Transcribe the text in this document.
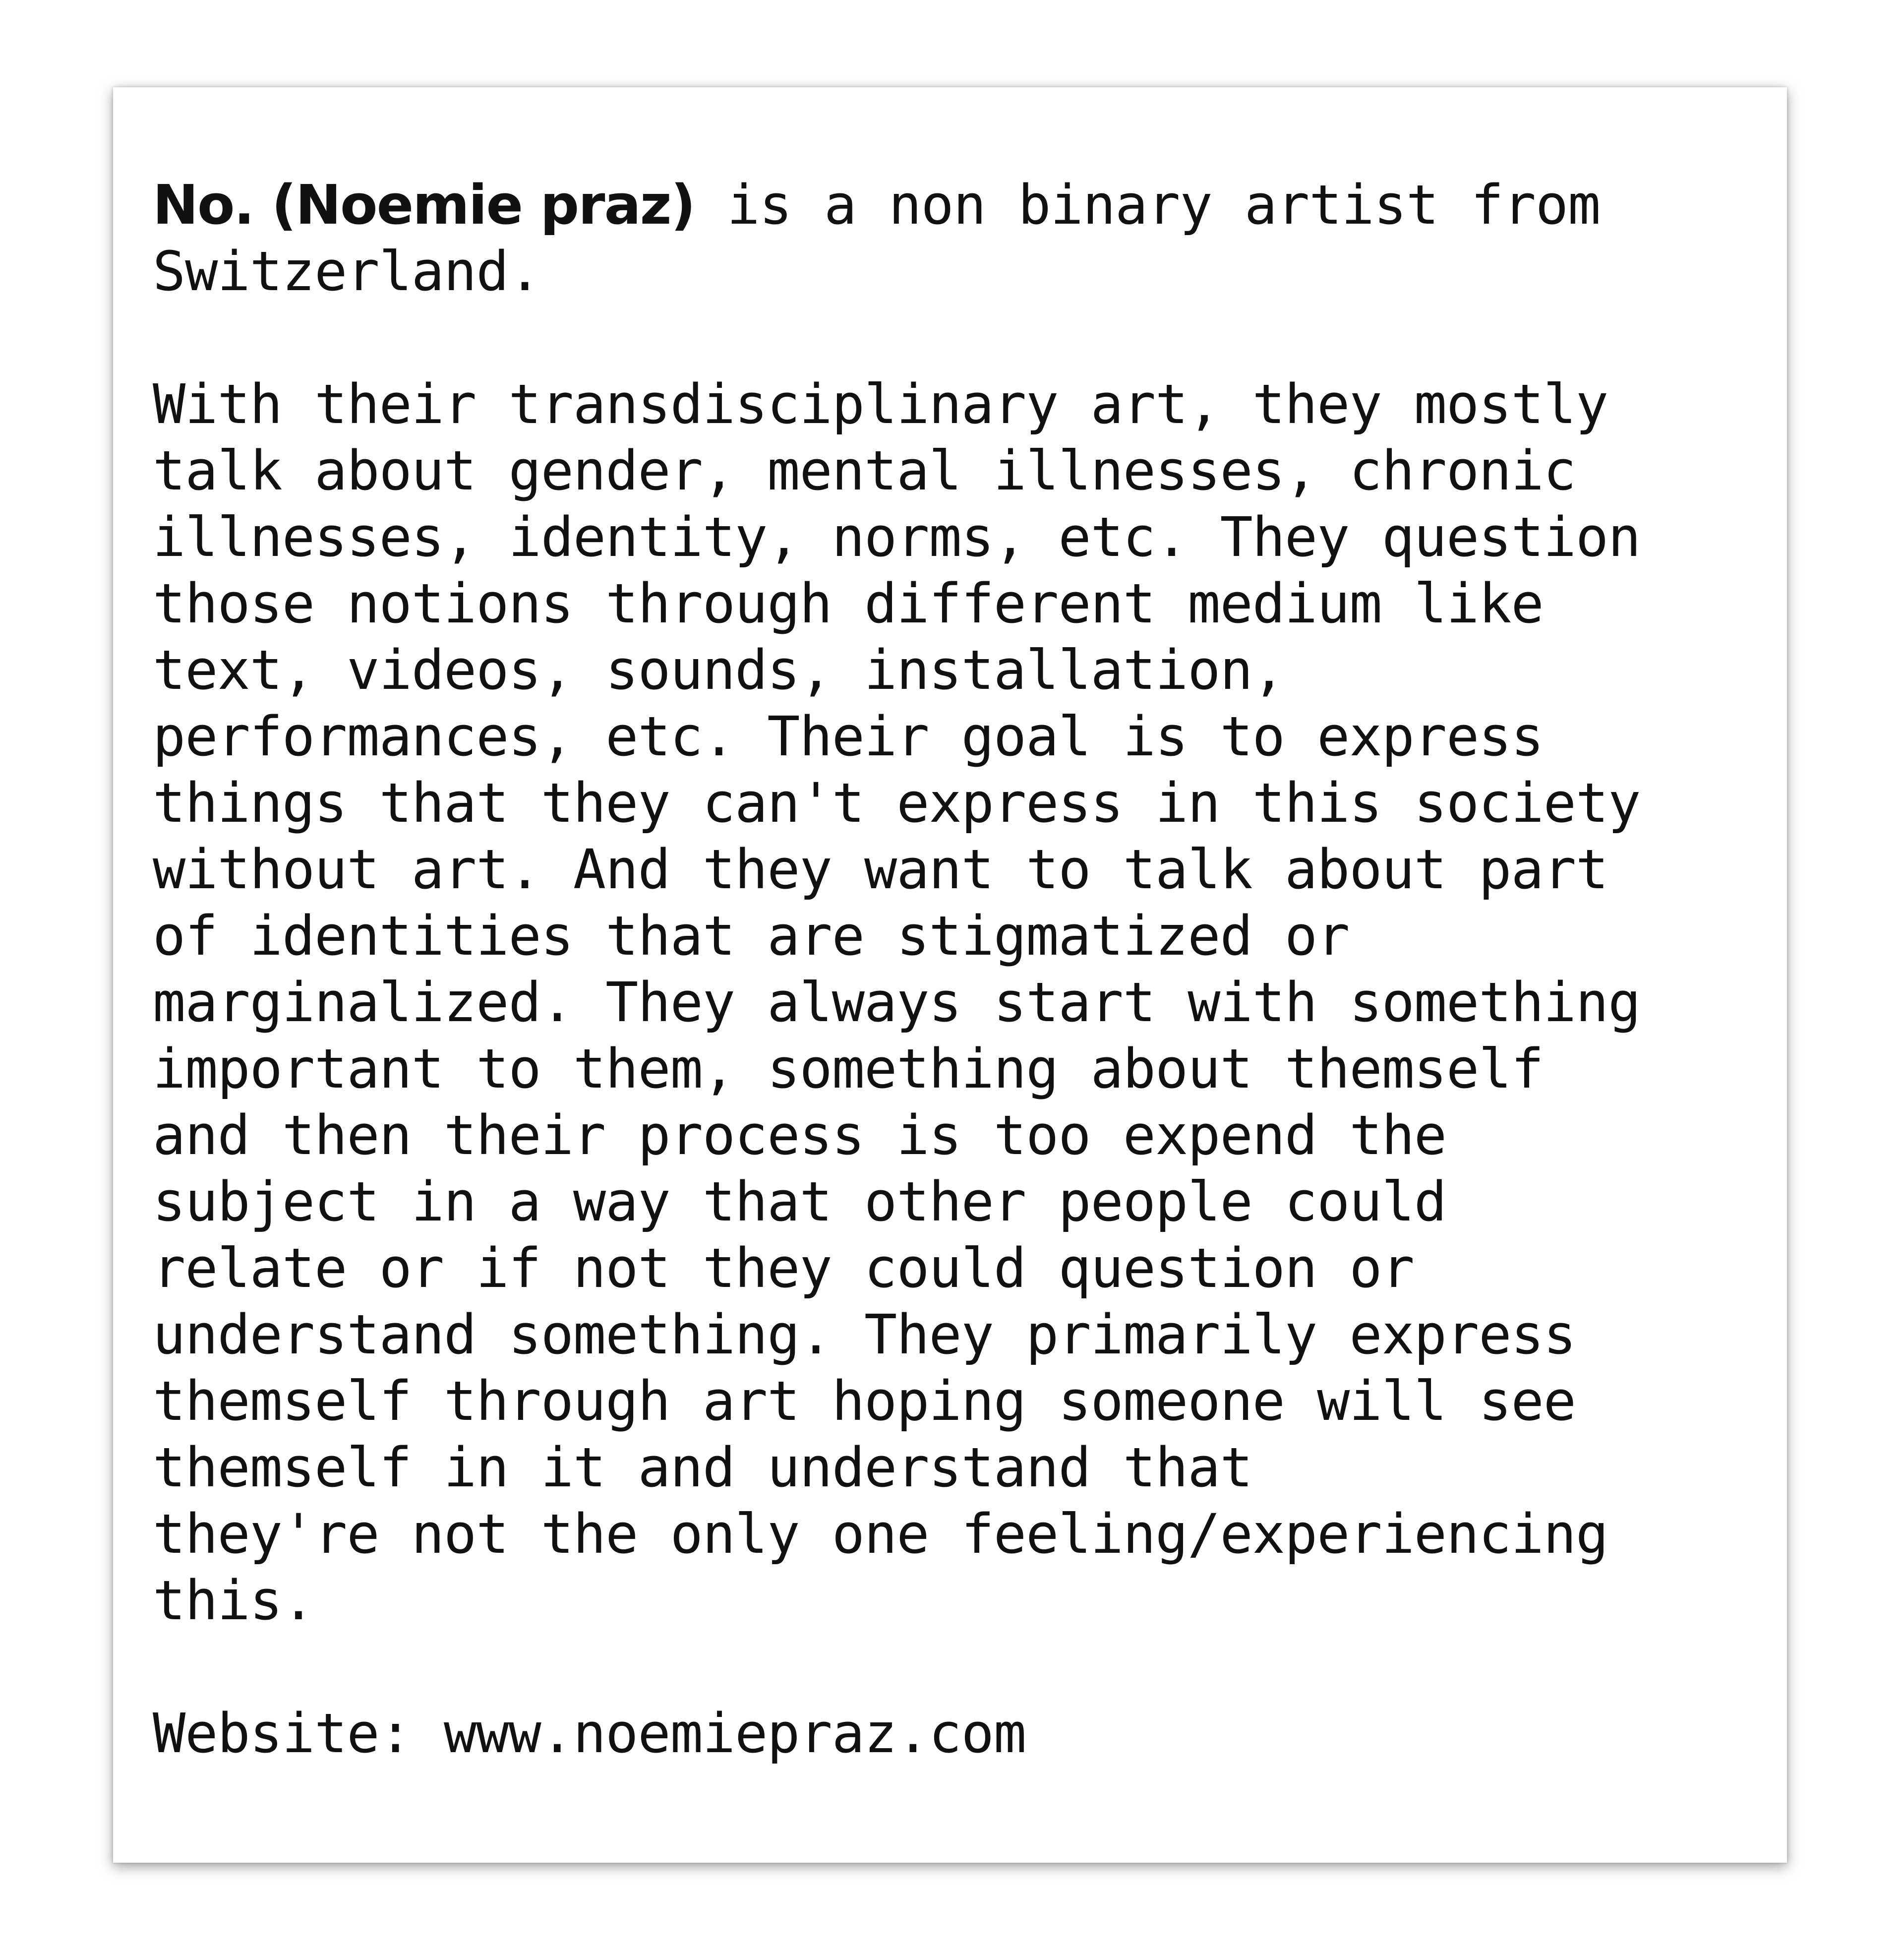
No. (Noemie praz) is a non binary artist from
Switzerland.

With their transdisciplinary art, they mostly
talk about gender, mental illnesses, chronic
illnesses, identity, norms, etc. They question
those notions through different medium like
text, videos, sounds, installation,
performances, etc. Their goal is to express
things that they can't express in this society
without art. And they want to talk about part
of identities that are stigmatized or
marginalized. They always start with something
important to them, something about themself
and then their process is too expend the
subject in a way that other people could
relate or if not they could question or
understand something. They primarily express
themself through art hoping someone will see
themself in it and understand that
they're not the only one feeling/experiencing
this.

Website: www.noemiepraz.com
